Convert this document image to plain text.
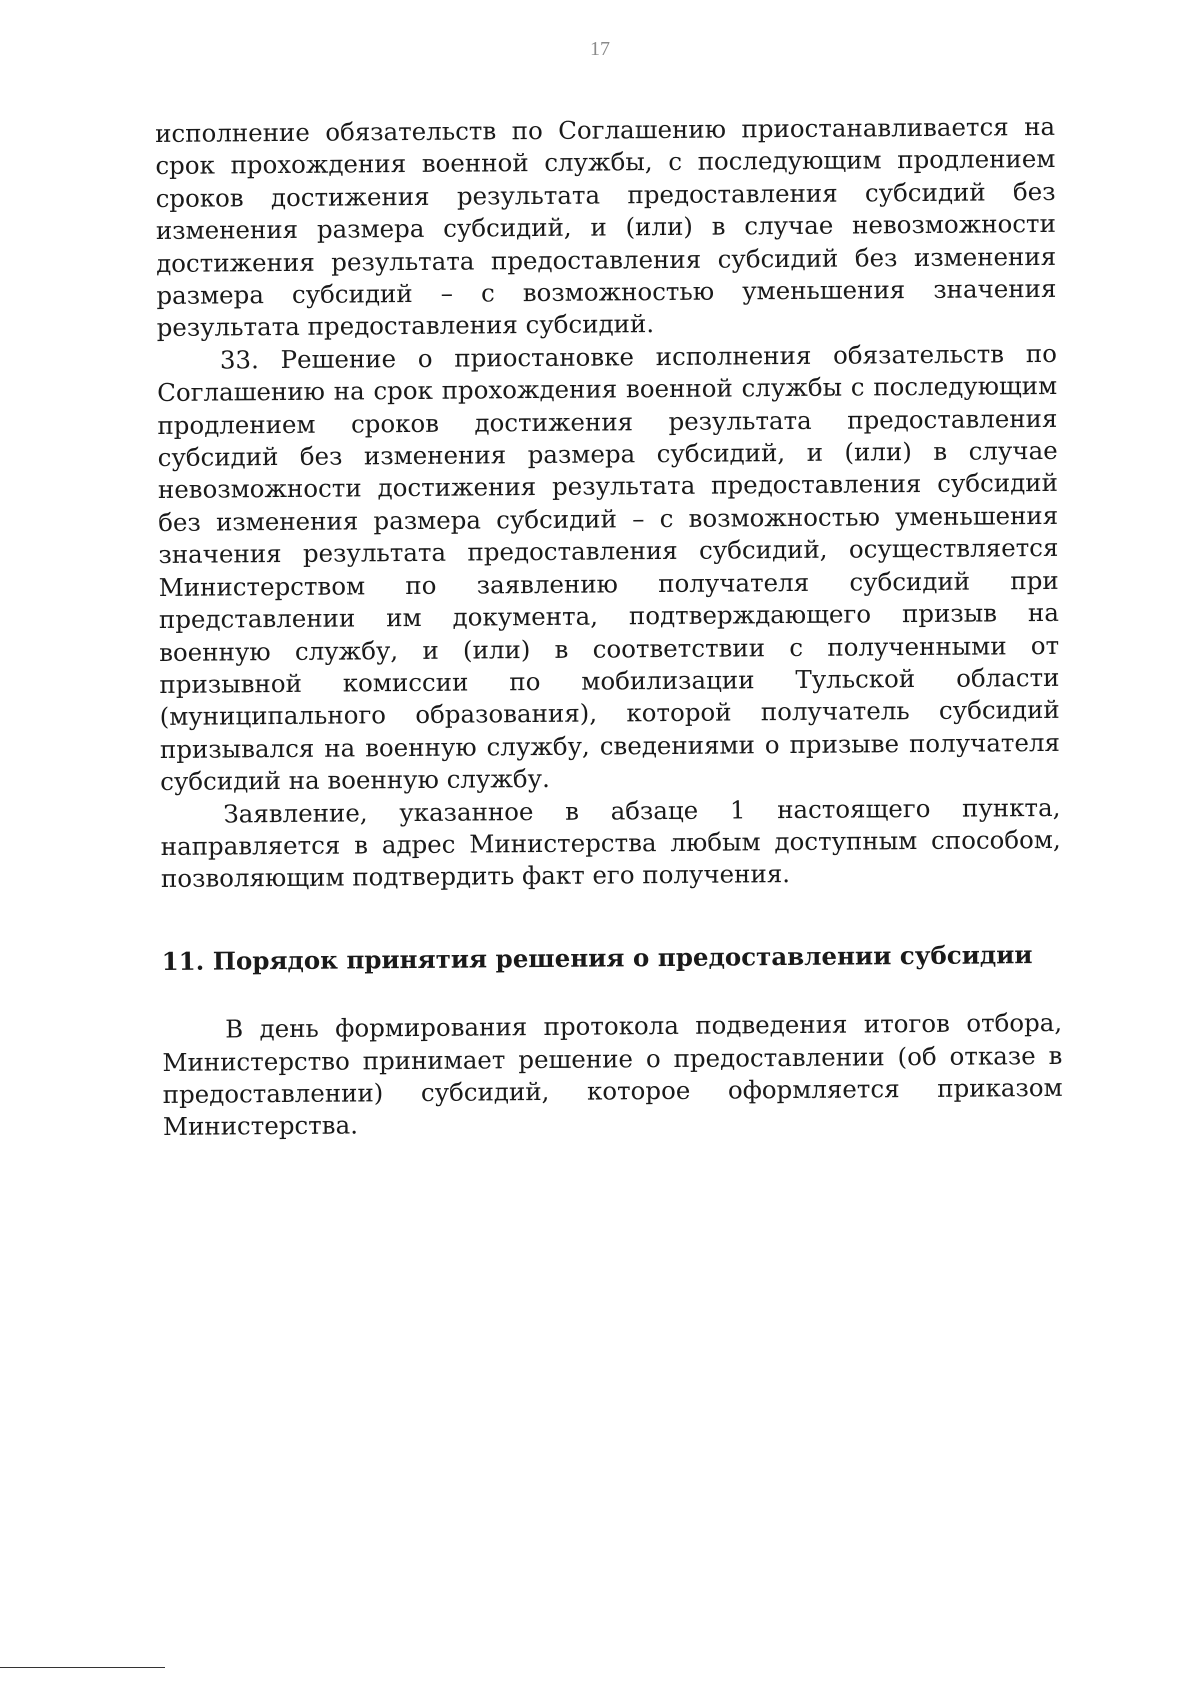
17

исполнение обязательств по Соглашению приостанавливается на срок прохождения военной службы, с последующим продлением сроков достижения результата предоставления субсидий без изменения размера субсидий, и (или) в случае невозможности достижения результата предоставления субсидий без изменения размера субсидий – с возможностью уменьшения значения результата предоставления субсидий.

33. Решение о приостановке исполнения обязательств по Соглашению на срок прохождения военной службы с последующим продлением сроков достижения результата предоставления субсидий без изменения размера субсидий, и (или) в случае невозможности достижения результата предоставления субсидий без изменения размера субсидий – с возможностью уменьшения значения результата предоставления субсидий, осуществляется Министерством по заявлению получателя субсидий при представлении им документа, подтверждающего призыв на военную службу, и (или) в соответствии с полученными от призывной комиссии по мобилизации Тульской области (муниципального образования), которой получатель субсидий призывался на военную службу, сведениями о призыве получателя субсидий на военную службу.

Заявление, указанное в абзаце 1 настоящего пункта, направляется в адрес Министерства любым доступным способом, позволяющим подтвердить факт его получения.

11. Порядок принятия решения о предоставлении субсидии

В день формирования протокола подведения итогов отбора, Министерство принимает решение о предоставлении (об отказе в предоставлении) субсидий, которое оформляется приказом Министерства.
